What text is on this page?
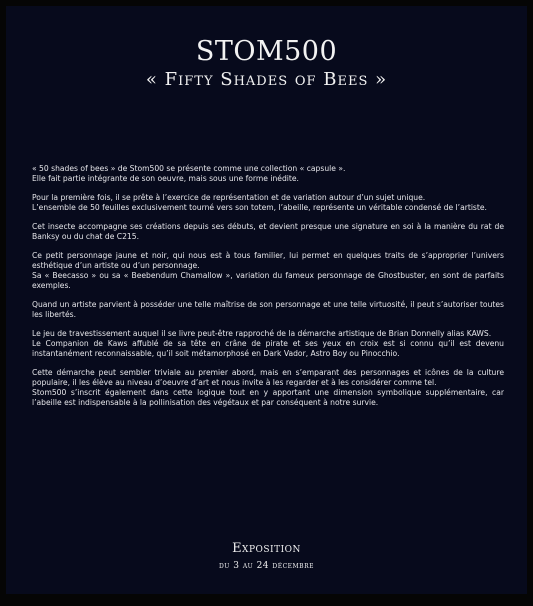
STOM500
« Fifty Shades of Bees »

« 50 shades of bees » de Stom500 se présente comme une collection « capsule ».
Elle fait partie intégrante de son oeuvre, mais sous une forme inédite.

Pour la première fois, il se prête à l’exercice de représentation et de variation autour d’un sujet unique.
L’ensemble de 50 feuilles exclusivement tourné vers son totem, l’abeille, représente un véritable condensé de l’artiste.

Cet insecte accompagne ses créations depuis ses débuts, et devient presque une signature en soi à la manière du rat de Banksy ou du chat de C215.

Ce petit personnage jaune et noir, qui nous est à tous familier, lui permet en quelques traits de s’approprier l’univers esthétique d’un artiste ou d’un personnage.
Sa « Beecasso » ou sa « Beebendum Chamallow », variation du fameux personnage de Ghostbuster, en sont de parfaits exemples.

Quand un artiste parvient à posséder une telle maîtrise de son personnage et une telle virtuosité, il peut s’autoriser toutes les libertés.

Le jeu de travestissement auquel il se livre peut-être rapproché de la démarche artistique de Brian Donnelly alias KAWS.
Le Companion de Kaws affublé de sa tête en crâne de pirate et ses yeux en croix est si connu qu’il est devenu instantanément reconnaissable, qu’il soit métamorphosé en Dark Vador, Astro Boy ou Pinocchio.

Cette démarche peut sembler triviale au premier abord, mais en s’emparant des personnages et icônes de la culture populaire, il les élève au niveau d’oeuvre d’art et nous invite à les regarder et à les considérer comme tel.
Stom500 s’inscrit également dans cette logique tout en y apportant une dimension symbolique supplémentaire, car l’abeille est indispensable à la pollinisation des végétaux et par conséquent à notre survie.

Exposition
du 3 au 24 décembre
